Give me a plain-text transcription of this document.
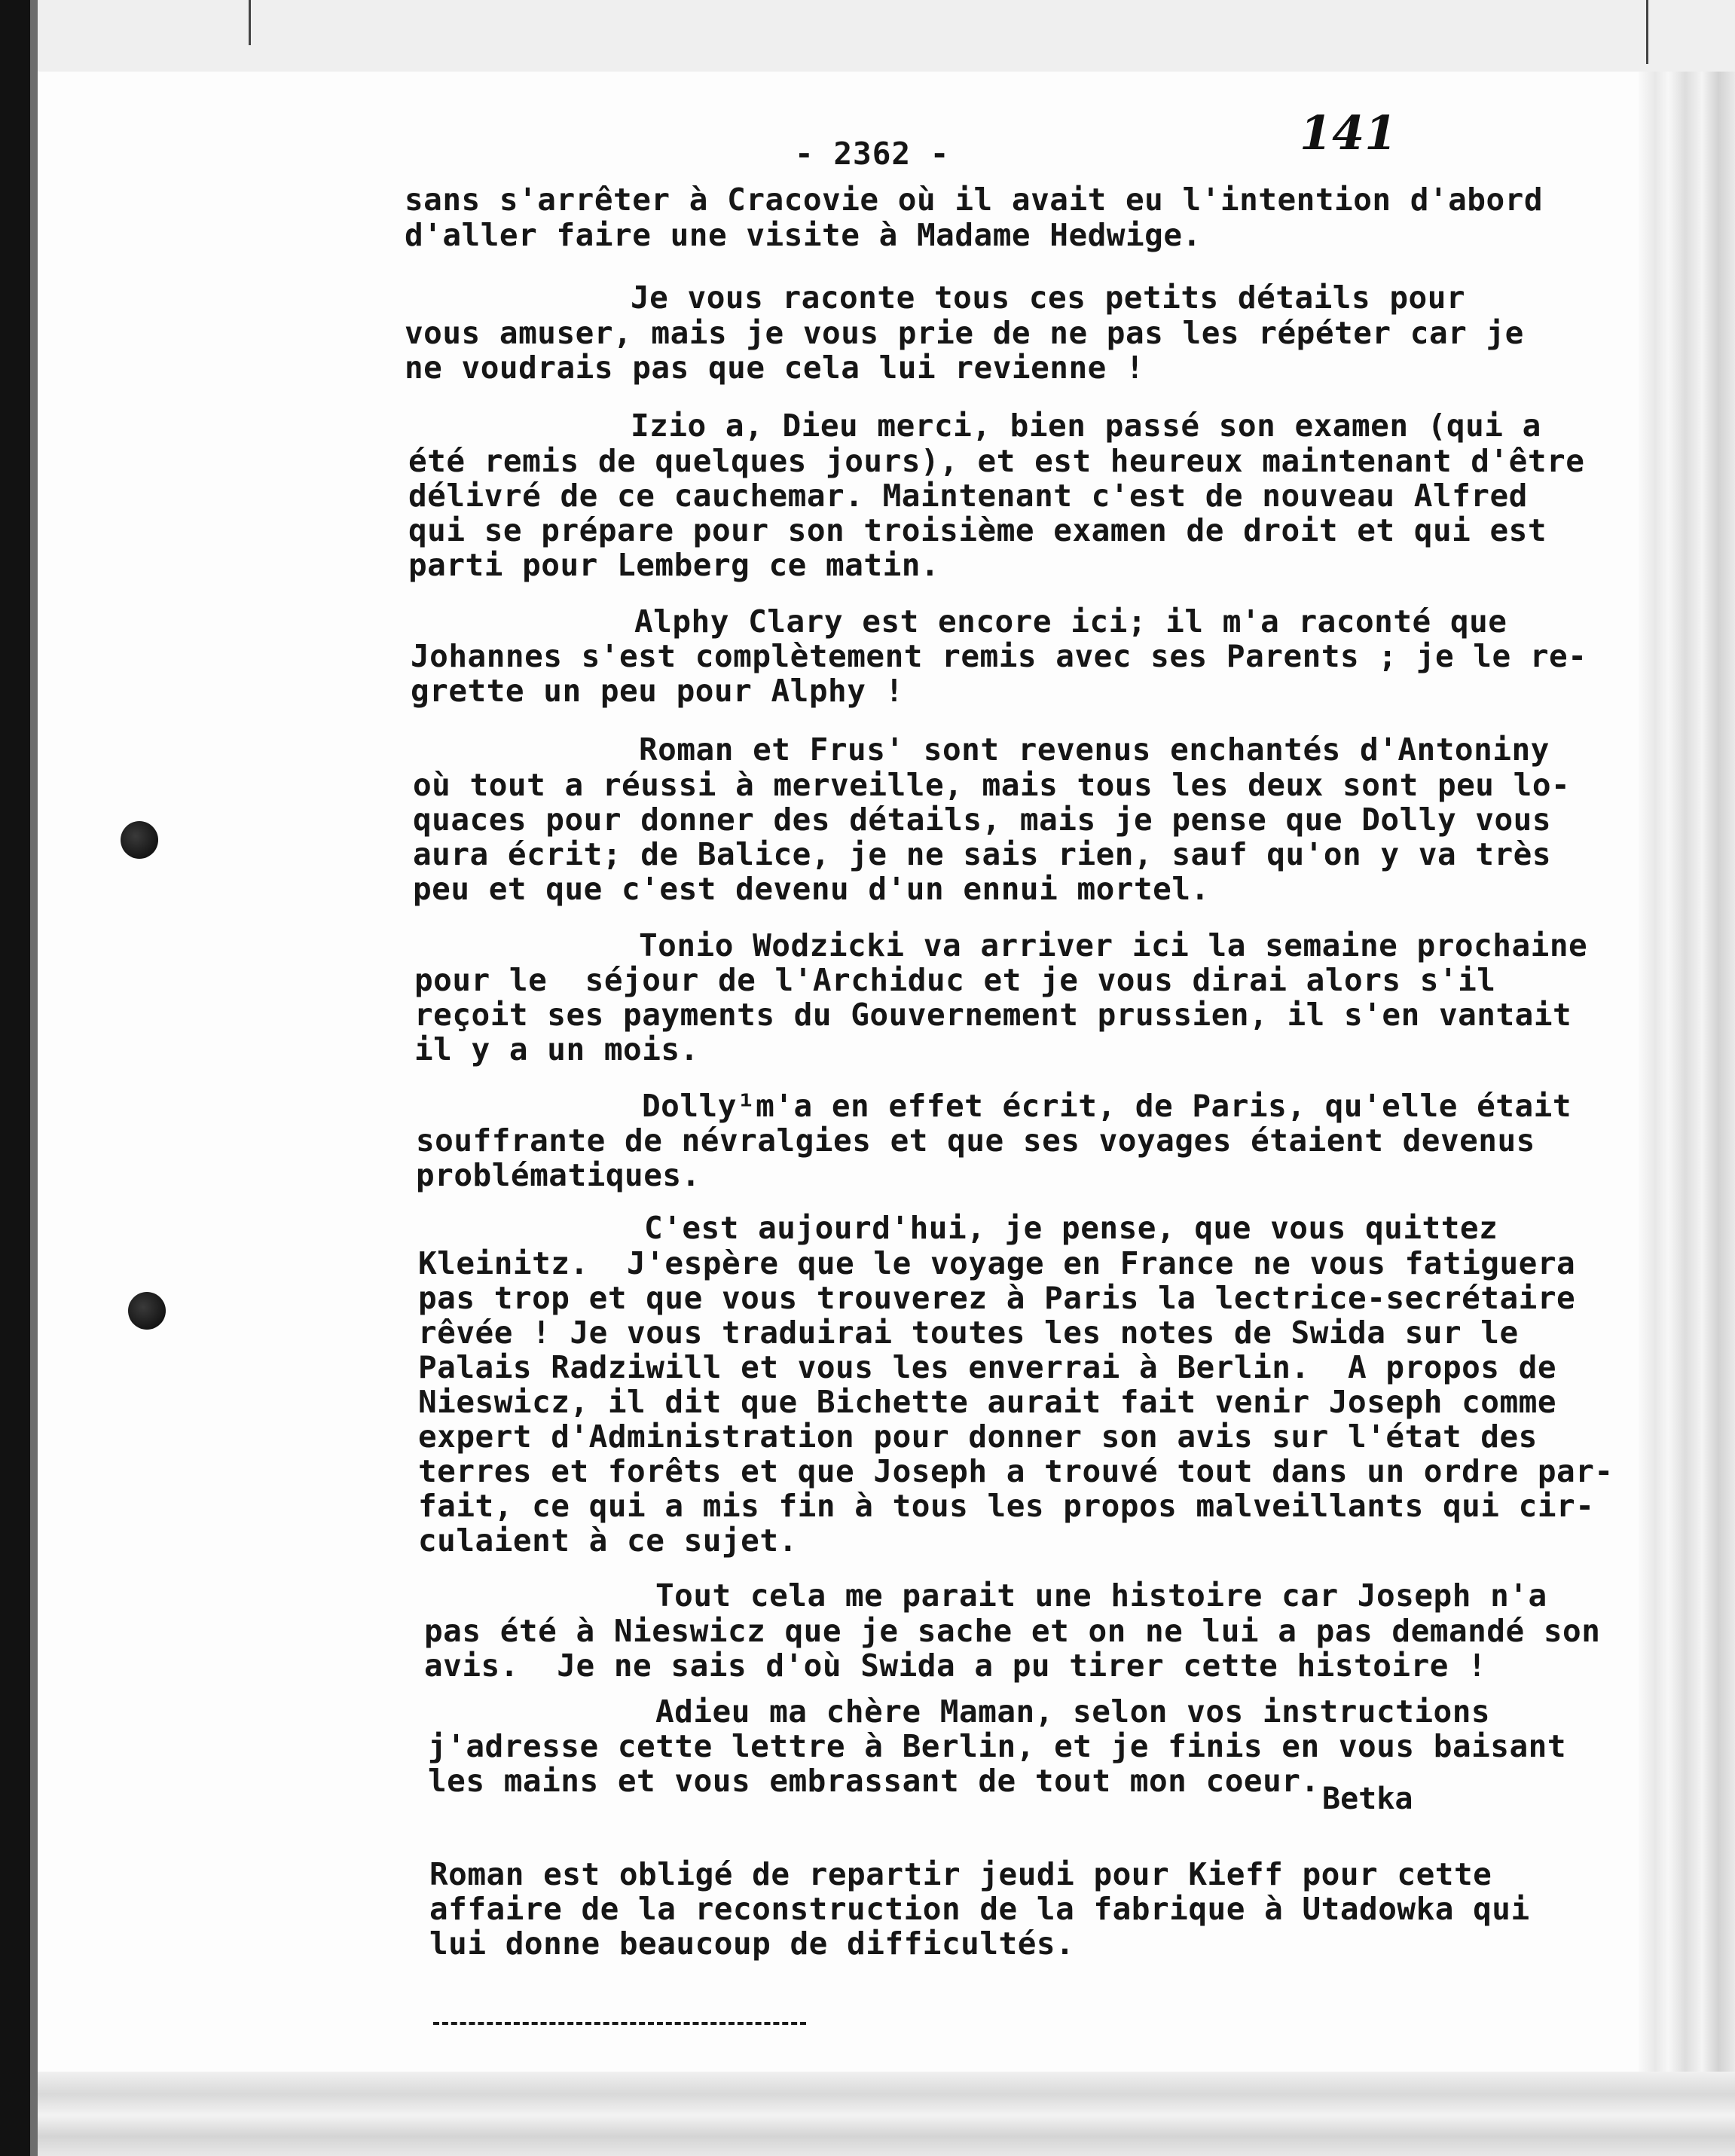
- 2362 -	141
sans s'arrêter à Cracovie où il avait eu l'intention d'abord
d'aller faire une visite à Madame Hedwige.
Je vous raconte tous ces petits détails pour
vous amuser, mais je vous prie de ne pas les répéter car je
ne voudrais pas que cela lui revienne !
Izio a, Dieu merci, bien passé son examen (qui a
été remis de quelques jours), et est heureux maintenant d'être
délivré de ce cauchemar. Maintenant c'est de nouveau Alfred
qui se prépare pour son troisième examen de droit et qui est
parti pour Lemberg ce matin.
Alphy Clary est encore ici; il m'a raconté que
Johannes s'est complètement remis avec ses Parents ; je le re-
grette un peu pour Alphy !
Roman et Frus' sont revenus enchantés d'Antoniny
où tout a réussi à merveille, mais tous les deux sont peu lo-
quaces pour donner des détails, mais je pense que Dolly vous
aura écrit; de Balice, je ne sais rien, sauf qu'on y va très
peu et que c'est devenu d'un ennui mortel.
Tonio Wodzicki va arriver ici la semaine prochaine
pour le  séjour de l'Archiduc et je vous dirai alors s'il
reçoit ses payments du Gouvernement prussien, il s'en vantait
il y a un mois.
Dolly¹m'a en effet écrit, de Paris, qu'elle était
souffrante de névralgies et que ses voyages étaient devenus
problématiques.
C'est aujourd'hui, je pense, que vous quittez
Kleinitz.  J'espère que le voyage en France ne vous fatiguera
pas trop et que vous trouverez à Paris la lectrice-secrétaire
rêvée ! Je vous traduirai toutes les notes de Swida sur le
Palais Radziwill et vous les enverrai à Berlin.  A propos de
Nieswicz, il dit que Bichette aurait fait venir Joseph comme
expert d'Administration pour donner son avis sur l'état des
terres et forêts et que Joseph a trouvé tout dans un ordre par-
fait, ce qui a mis fin à tous les propos malveillants qui cir-
culaient à ce sujet.
Tout cela me parait une histoire car Joseph n'a
pas été à Nieswicz que je sache et on ne lui a pas demandé son
avis.  Je ne sais d'où Swida a pu tirer cette histoire !
Adieu ma chère Maman, selon vos instructions
j'adresse cette lettre à Berlin, et je finis en vous baisant
les mains et vous embrassant de tout mon coeur. Betka
Roman est obligé de repartir jeudi pour Kieff pour cette
affaire de la reconstruction de la fabrique à Utadowka qui
lui donne beaucoup de difficultés.
